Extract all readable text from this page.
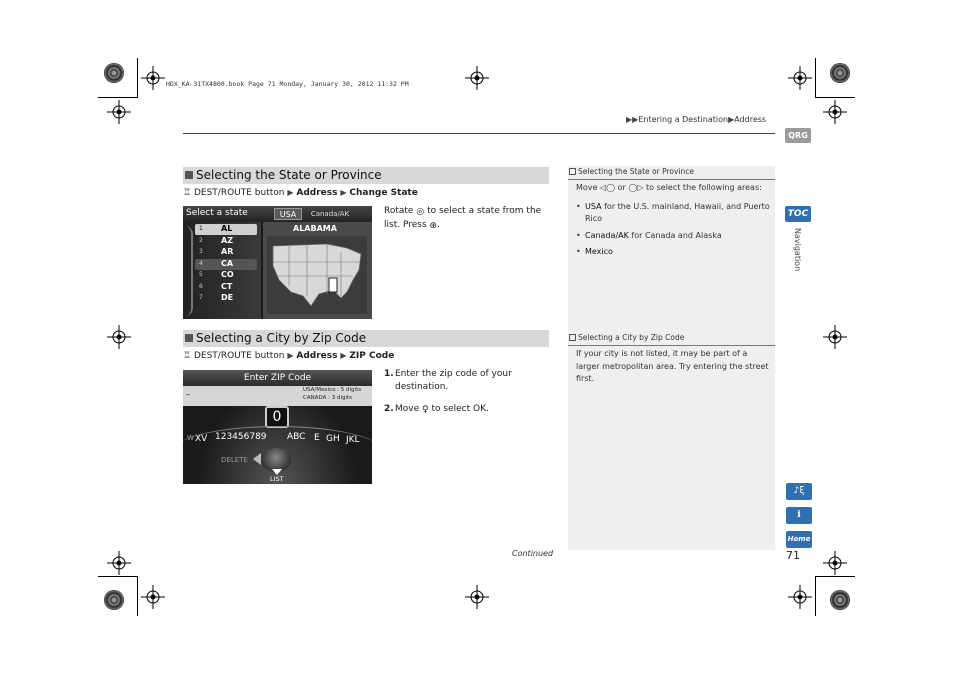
HDX_KA-31TX4800.book Page 71 Monday, January 30, 2012 11:32 PM
▶▶Entering a Destination▶Address
QRG
TOC
Navigation
Selecting the State or Province
♖ DEST/ROUTE button ▶ Address ▶ Change State
Select a state	USA	Canada/AK
ALABAMA
1 AL
2 AZ
3 AR
4 CA
5 CO
6 CT
7 DE
Rotate ◎ to select a state from the list. Press ⊕.
Selecting a City by Zip Code
♖ DEST/ROUTE button ▶ Address ▶ ZIP Code
Enter ZIP Code
USA/Mexico : 5 digits
CANADA : 3 digits
–
0
W XV 123456789 ABC E GH JKL
DELETE
LIST
1. Enter the zip code of your destination.
2. Move ♀ to select OK.
Selecting the State or Province
Move ◁◯ or ◯▷ to select the following areas:
• USA for the U.S. mainland, Hawaii, and Puerto Rico
• Canada/AK for Canada and Alaska
• Mexico
Selecting a City by Zip Code
If your city is not listed, it may be part of a larger metropolitan area. Try entering the street first.
Continued
♪ξ
i
Home
71
